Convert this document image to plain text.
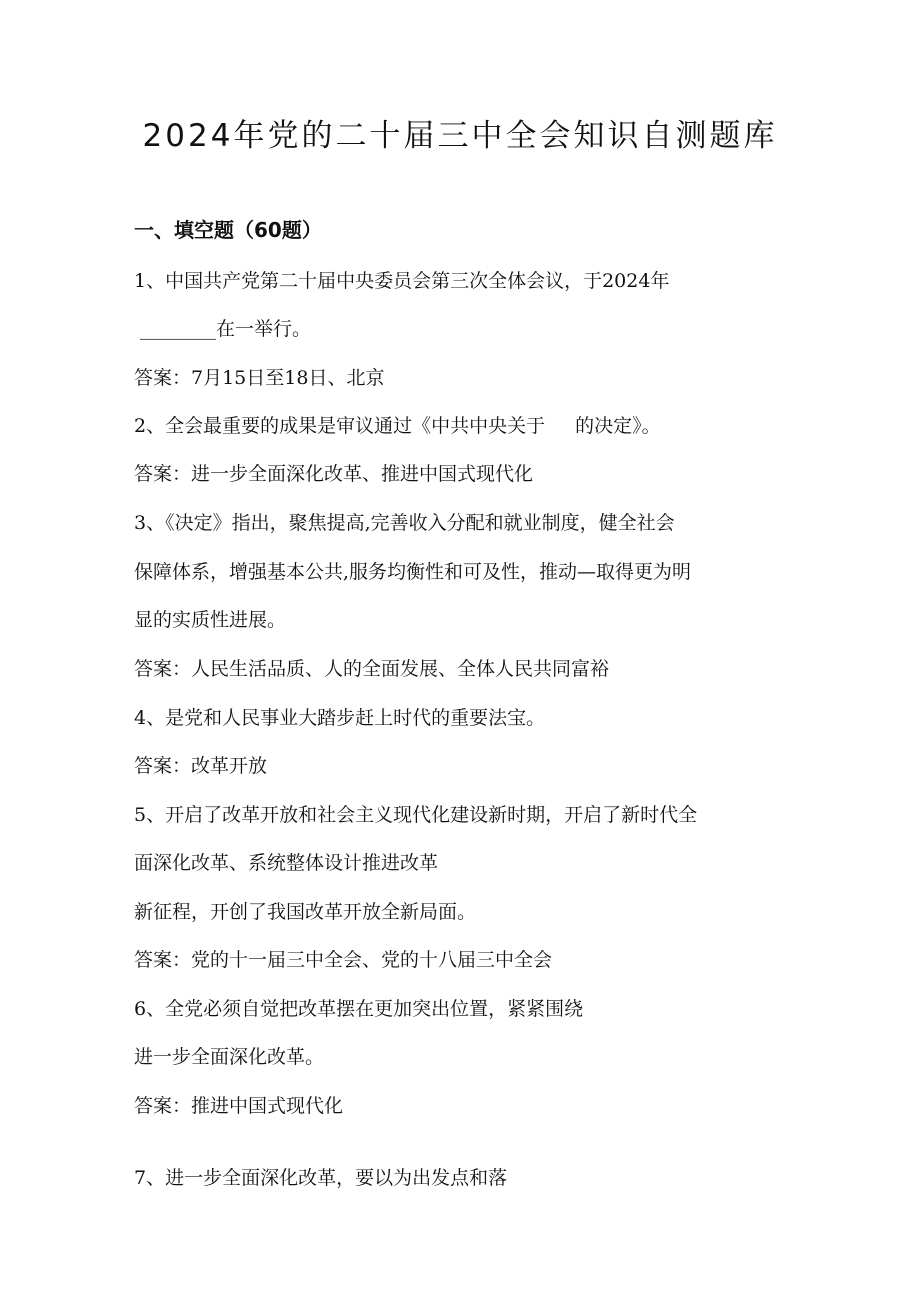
2024年党的二十届三中全会知识自测题库
一、填空题（60题）
1、中国共产党第二十届中央委员会第三次全体会议，于2024年
________在一举行。
答案：7月15日至18日、北京
2、全会最重要的成果是审议通过《中共中央关于 的决定》。
答案：进一步全面深化改革、推进中国式现代化
3、《决定》指出，聚焦提高,完善收入分配和就业制度，健全社会
保障体系，增强基本公共,服务均衡性和可及性，推动—取得更为明
显的实质性进展。
答案：人民生活品质、人的全面发展、全体人民共同富裕
4、是党和人民事业大踏步赶上时代的重要法宝。
答案：改革开放
5、开启了改革开放和社会主义现代化建设新时期，开启了新时代全
面深化改革、系统整体设计推进改革
新征程，开创了我国改革开放全新局面。
答案：党的十一届三中全会、党的十八届三中全会
6、全党必须自觉把改革摆在更加突出位置，紧紧围绕
进一步全面深化改革。
答案：推进中国式现代化
7、进一步全面深化改革，要以为出发点和落
